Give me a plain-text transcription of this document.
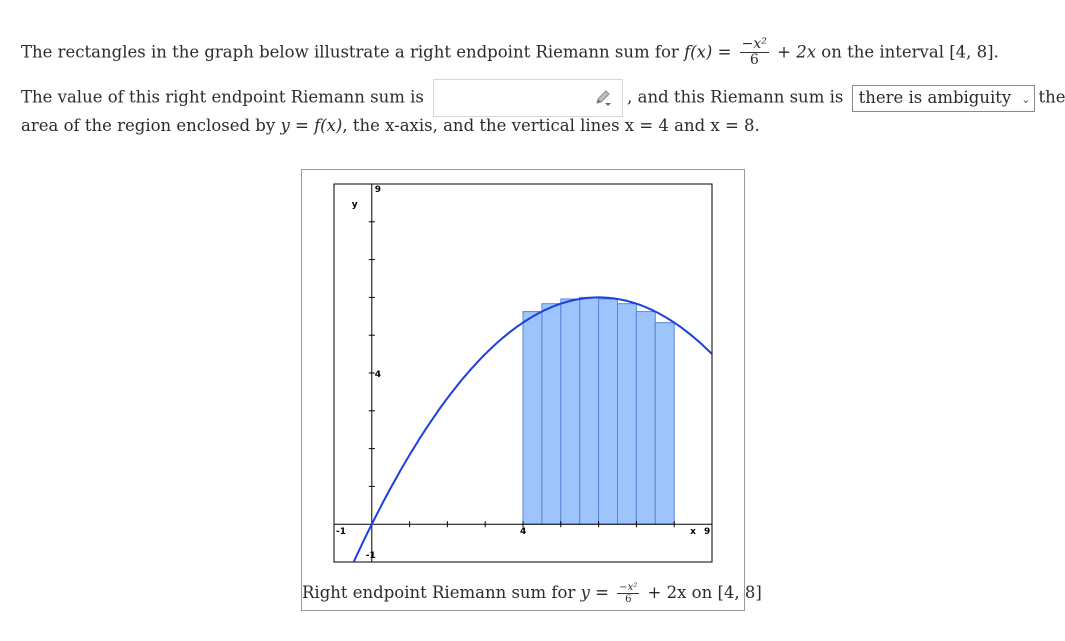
The rectangles in the graph below illustrate a right endpoint Riemann sum for $f(x) = \frac{\text{−x²}}{6} + 2x$ on the interval [4, 8].
The value of this right endpoint Riemann sum is	, and this Riemann sum is there is ambiguity ⌄ the
area of the region enclosed by y = f(x), the x-axis, and the vertical lines x = 4 and x = 8.
9
y
4
-1	4	x 9
-1
Right endpoint Riemann sum for $y = \frac{\text{−x²}}{6} + 2x$ on [4, 8]
